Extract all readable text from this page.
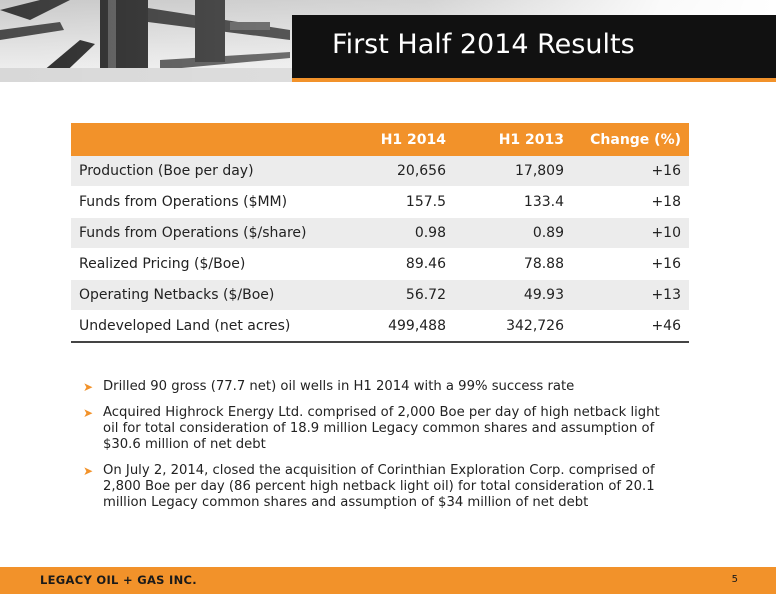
First Half 2014 Results
	H1 2014	H1 2013	Change (%)
Production (Boe per day)	20,656	17,809	+16
Funds from Operations ($MM)	157.5	133.4	+18
Funds from Operations ($/share)	0.98	0.89	+10
Realized Pricing ($/Boe)	89.46	78.88	+16
Operating Netbacks ($/Boe)	56.72	49.93	+13
Undeveloped Land (net acres)	499,488	342,726	+46
➤ Drilled 90 gross (77.7 net) oil wells in H1 2014 with a 99% success rate
➤ Acquired Highrock Energy Ltd. comprised of 2,000 Boe per day of high netback light
oil for total consideration of 18.9 million Legacy common shares and assumption of
$30.6 million of net debt
➤ On July 2, 2014, closed the acquisition of Corinthian Exploration Corp. comprised of
2,800 Boe per day (86 percent high netback light oil) for total consideration of 20.1
million Legacy common shares and assumption of $34 million of net debt
LEGACY OIL + GAS INC.	5
